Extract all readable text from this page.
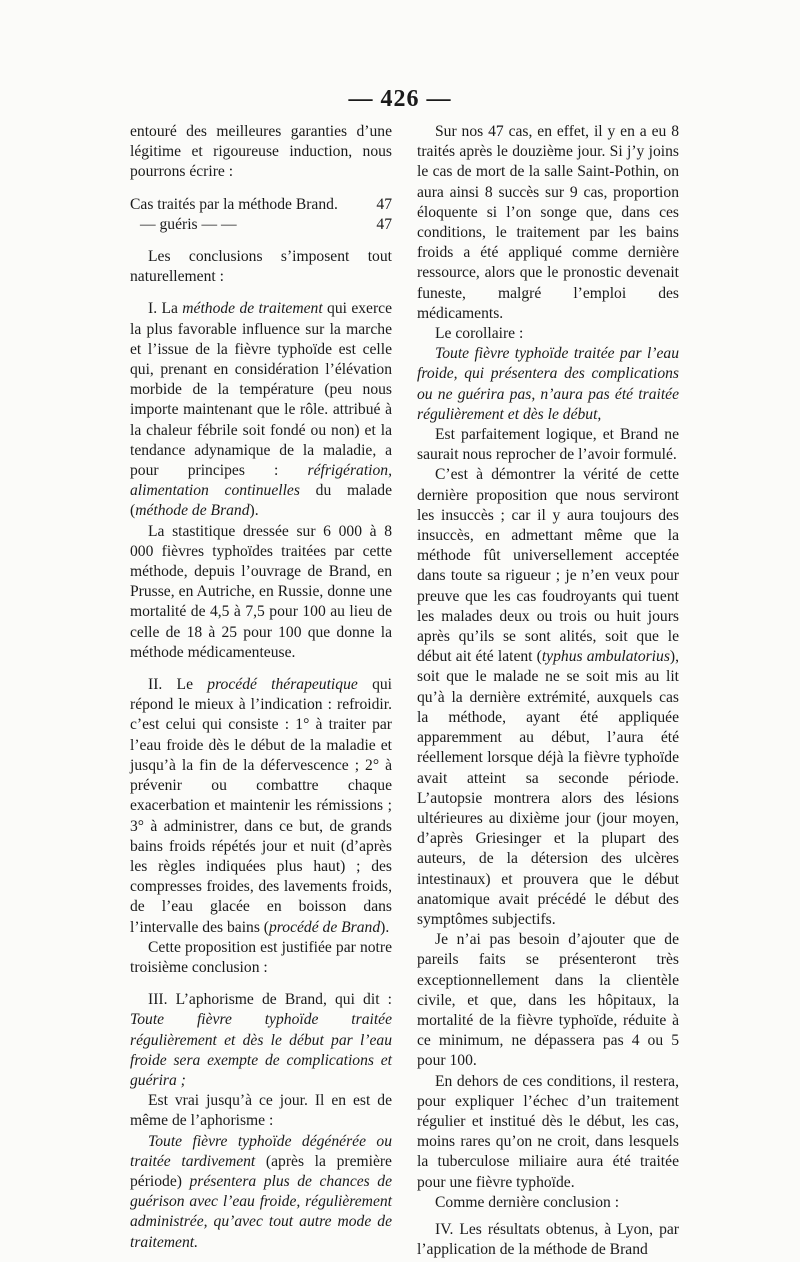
— 426 —

entouré des meilleures garanties d’une légitime et rigoureuse induction, nous pourrons écrire :

Cas traités par la méthode Brand. 47

— guéris — —	47

Les conclusions s’imposent tout naturellement :

I. La méthode de traitement qui exerce la plus favorable influence sur la marche et l’issue de la fièvre typhoïde est celle qui, prenant en considération l’élévation morbide de la température (peu nous importe maintenant que le rôle. attribué à la chaleur fébrile soit fondé ou non) et la tendance adynamique de la maladie, a pour principes : réfrigération, alimentation continuelles du malade (méthode de Brand).

La stastitique dressée sur 6 000 à 8 000 fièvres typhoïdes traitées par cette méthode, depuis l’ouvrage de Brand, en Prusse, en Autriche, en Russie, donne une mortalité de 4,5 à 7,5 pour 100 au lieu de celle de 18 à 25 pour 100 que donne la méthode médicamenteuse.

II. Le procédé thérapeutique qui répond le mieux à l’indication : refroidir. c’est celui qui consiste : 1° à traiter par l’eau froide dès le début de la maladie et jusqu’à la fin de la défervescence ; 2° à prévenir ou combattre chaque exacerbation et maintenir les rémissions ; 3° à administrer, dans ce but, de grands bains froids répétés jour et nuit (d’après les règles indiquées plus haut) ; des compresses froides, des lavements froids, de l’eau glacée en boisson dans l’intervalle des bains (procédé de Brand).

Cette proposition est justifiée par notre troisième conclusion :

III. L’aphorisme de Brand, qui dit : Toute fièvre typhoïde traitée régulièrement et dès le début par l’eau froide sera exempte de complications et guérira ;

Est vrai jusqu’à ce jour. Il en est de même de l’aphorisme :

Toute fièvre typhoïde dégénérée ou traitée tardivement (après la première période) présentera plus de chances de guérison avec l’eau froide, régulièrement administrée, qu’avec tout autre mode de traitement.

Sur nos 47 cas, en effet, il y en a eu 8 traités après le douzième jour. Si j’y joins le cas de mort de la salle Saint-Pothin, on aura ainsi 8 succès sur 9 cas, proportion éloquente si l’on songe que, dans ces conditions, le traitement par les bains froids a été appliqué comme dernière ressource, alors que le pronostic devenait funeste, malgré l’emploi des médicaments.

Le corollaire :

Toute fièvre typhoïde traitée par l’eau froide, qui présentera des complications ou ne guérira pas, n’aura pas été traitée régulièrement et dès le début,

Est parfaitement logique, et Brand ne saurait nous reprocher de l’avoir formulé.

C’est à démontrer la vérité de cette dernière proposition que nous serviront les insuccès ; car il y aura toujours des insuccès, en admettant même que la méthode fût universellement acceptée dans toute sa rigueur ; je n’en veux pour preuve que les cas foudroyants qui tuent les malades deux ou trois ou huit jours après qu’ils se sont alités, soit que le début ait été latent (typhus ambulatorius), soit que le malade ne se soit mis au lit qu’à la dernière extrémité, auxquels cas la méthode, ayant été appliquée apparemment au début, l’aura été réellement lorsque déjà la fièvre typhoïde avait atteint sa seconde période. L’autopsie montrera alors des lésions ultérieures au dixième jour (jour moyen, d’après Griesinger et la plupart des auteurs, de la détersion des ulcères intestinaux) et prouvera que le début anatomique avait précédé le début des symptômes subjectifs.

Je n’ai pas besoin d’ajouter que de pareils faits se présenteront très exceptionnellement dans la clientèle civile, et que, dans les hôpitaux, la mortalité de la fièvre typhoïde, réduite à ce minimum, ne dépassera pas 4 ou 5 pour 100.

En dehors de ces conditions, il restera, pour expliquer l’échec d’un traitement régulier et institué dès le début, les cas, moins rares qu’on ne croit, dans lesquels la tuberculose miliaire aura été traitée pour une fièvre typhoïde.

Comme dernière conclusion :

IV. Les résultats obtenus, à Lyon, par l’application de la méthode de Brand
